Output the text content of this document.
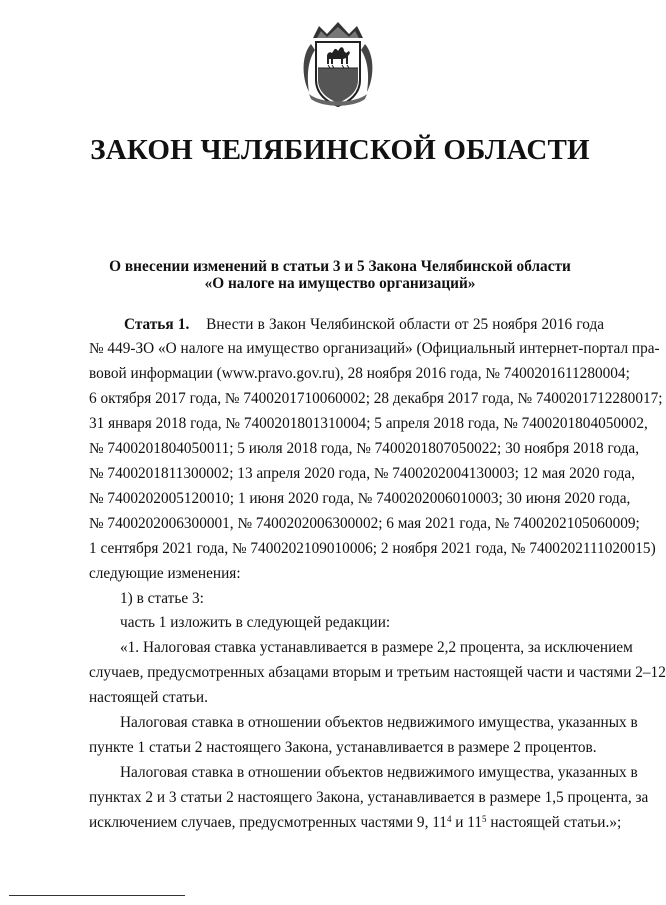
ЗАКОН ЧЕЛЯБИНСКОЙ ОБЛАСТИ
О внесении изменений в статьи 3 и 5 Закона Челябинской области
«О налоге на имущество организаций»
Статья 1. Внести в Закон Челябинской области от 25 ноября 2016 года
№ 449-ЗО «О налоге на имущество организаций» (Официальный интернет-портал пра-
вовой информации (www.pravo.gov.ru), 28 ноября 2016 года, № 7400201611280004;
6 октября 2017 года, № 7400201710060002; 28 декабря 2017 года, № 7400201712280017;
31 января 2018 года, № 7400201801310004; 5 апреля 2018 года, № 7400201804050002,
№ 7400201804050011; 5 июля 2018 года, № 7400201807050022; 30 ноября 2018 года,
№ 7400201811300002; 13 апреля 2020 года, № 7400202004130003; 12 мая 2020 года,
№ 7400202005120010; 1 июня 2020 года, № 7400202006010003; 30 июня 2020 года,
№ 7400202006300001, № 7400202006300002; 6 мая 2021 года, № 7400202105060009;
1 сентября 2021 года, № 7400202109010006; 2 ноября 2021 года, № 7400202111020015)
следующие изменения:
1) в статье 3:
часть 1 изложить в следующей редакции:
«1. Налоговая ставка устанавливается в размере 2,2 процента, за исключением
случаев, предусмотренных абзацами вторым и третьим настоящей части и частями 2–12
настоящей статьи.
Налоговая ставка в отношении объектов недвижимого имущества, указанных в
пункте 1 статьи 2 настоящего Закона, устанавливается в размере 2 процентов.
Налоговая ставка в отношении объектов недвижимого имущества, указанных в
пунктах 2 и 3 статьи 2 настоящего Закона, устанавливается в размере 1,5 процента, за
исключением случаев, предусмотренных частями 9, $11^4$ и $11^5$ настоящей статьи.»;
